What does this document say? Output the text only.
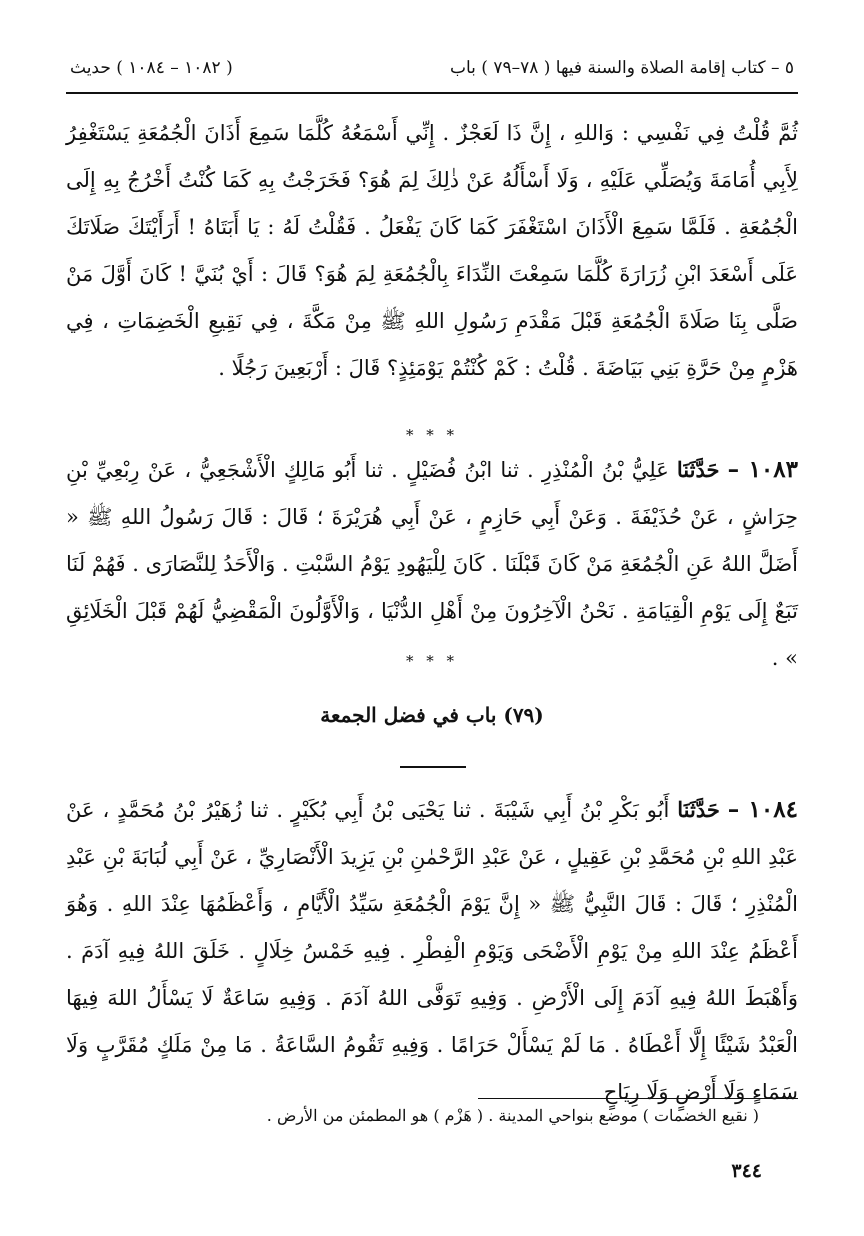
٥ – كتاب إقامة الصلاة والسنة فيها ( ٧٨–٧٩ ) باب
( ١٠٨٢ – ١٠٨٤ ) حديث

ثُمَّ قُلْتُ فِي نَفْسِي : وَاللهِ ، إِنَّ ذَا لَعَجْزٌ . إِنِّي أَسْمَعُهُ كُلَّمَا سَمِعَ أَذَانَ الْجُمُعَةِ يَسْتَغْفِرُ لِأَبِي أُمَامَةَ وَيُصَلِّي عَلَيْهِ ، وَلَا أَسْأَلُهُ عَنْ ذٰلِكَ لِمَ هُوَ؟ فَخَرَجْتُ بِهِ كَمَا كُنْتُ أَخْرُجُ بِهِ إِلَى الْجُمُعَةِ . فَلَمَّا سَمِعَ الْأَذَانَ اسْتَغْفَرَ كَمَا كَانَ يَفْعَلُ . فَقُلْتُ لَهُ : يَا أَبَتَاهُ ! أَرَأَيْتَكَ صَلَاتَكَ عَلَى أَسْعَدَ ابْنِ زُرَارَةَ كُلَّمَا سَمِعْتَ النِّدَاءَ بِالْجُمُعَةِ لِمَ هُوَ؟ قَالَ : أَيْ بُنَيَّ ! كَانَ أَوَّلَ مَنْ صَلَّى بِنَا صَلَاةَ الْجُمُعَةِ قَبْلَ مَقْدَمِ رَسُولِ اللهِ ﷺ مِنْ مَكَّةَ ، فِي نَقِيعِ الْخَضِمَاتِ ، فِي هَزْمٍ مِنْ حَرَّةِ بَنِي بَيَاضَةَ . قُلْتُ : كَمْ كُنْتُمْ يَوْمَئِذٍ؟ قَالَ : أَرْبَعِينَ رَجُلًا .

* * *

١٠٨٣ – حَدَّثَنَا عَلِيُّ بْنُ الْمُنْذِرِ . ثنا ابْنُ فُضَيْلٍ . ثنا أَبُو مَالِكٍ الْأَشْجَعِيُّ ، عَنْ رِبْعِيِّ بْنِ حِرَاشٍ ، عَنْ حُذَيْفَةَ . وَعَنْ أَبِي حَازِمٍ ، عَنْ أَبِي هُرَيْرَةَ ؛ قَالَ : قَالَ رَسُولُ اللهِ ﷺ « أَضَلَّ اللهُ عَنِ الْجُمُعَةِ مَنْ كَانَ قَبْلَنَا . كَانَ لِلْيَهُودِ يَوْمُ السَّبْتِ . وَالْأَحَدُ لِلنَّصَارَى . فَهُمْ لَنَا تَبَعٌ إِلَى يَوْمِ الْقِيَامَةِ . نَحْنُ الْآخِرُونَ مِنْ أَهْلِ الدُّنْيَا ، وَالْأَوَّلُونَ الْمَقْضِيُّ لَهُمْ قَبْلَ الْخَلَائِقِ » .

* * *
(٧٩) باب في فضل الجمعة

١٠٨٤ – حَدَّثَنَا أَبُو بَكْرِ بْنُ أَبِي شَيْبَةَ . ثنا يَحْيَى بْنُ أَبِي بُكَيْرٍ . ثنا زُهَيْرُ بْنُ مُحَمَّدٍ ، عَنْ عَبْدِ اللهِ بْنِ مُحَمَّدِ بْنِ عَقِيلٍ ، عَنْ عَبْدِ الرَّحْمٰنِ بْنِ يَزِيدَ الْأَنْصَارِيِّ ، عَنْ أَبِي لُبَابَةَ بْنِ عَبْدِ الْمُنْذِرِ ؛ قَالَ : قَالَ النَّبِيُّ ﷺ « إِنَّ يَوْمَ الْجُمُعَةِ سَيِّدُ الْأَيَّامِ ، وَأَعْظَمُهَا عِنْدَ اللهِ . وَهُوَ أَعْظَمُ عِنْدَ اللهِ مِنْ يَوْمِ الْأَضْحَى وَيَوْمِ الْفِطْرِ . فِيهِ خَمْسُ خِلَالٍ . خَلَقَ اللهُ فِيهِ آدَمَ . وَأَهْبَطَ اللهُ فِيهِ آدَمَ إِلَى الْأَرْضِ . وَفِيهِ تَوَفَّى اللهُ آدَمَ . وَفِيهِ سَاعَةٌ لَا يَسْأَلُ اللهَ فِيهَا الْعَبْدُ شَيْئًا إِلَّا أَعْطَاهُ . مَا لَمْ يَسْأَلْ حَرَامًا . وَفِيهِ تَقُومُ السَّاعَةُ . مَا مِنْ مَلَكٍ مُقَرَّبٍ وَلَا سَمَاءٍ وَلَا أَرْضٍ وَلَا رِيَاحٍ

( نقيع الخضمات ) موضع بنواحي المدينة . ( هَزْم ) هو المطمئن من الأرض .
٣٤٤
